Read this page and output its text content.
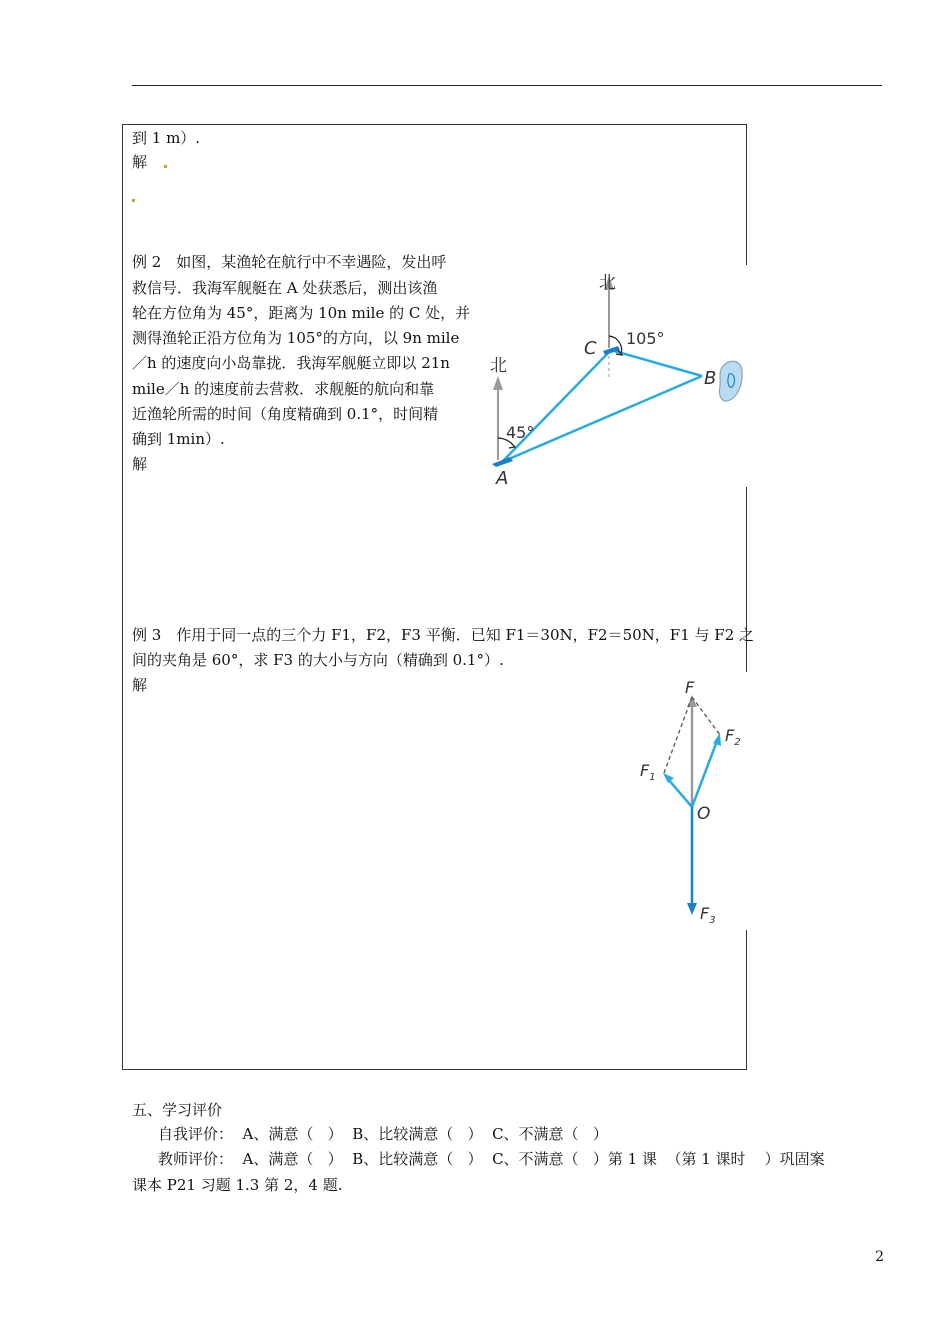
到 1 m）.
解
例 2　如图，某渔轮在航行中不幸遇险，发出呼
救信号．我海军舰艇在 A 处获悉后，测出该渔
轮在方位角为 45°，距离为 10n mile 的 C 处，并
测得渔轮正沿方位角为 105°的方向，以 9n mile
／h 的速度向小岛靠拢．我海军舰艇立即以 21n
mile／h 的速度前去营救．求舰艇的航向和靠
近渔轮所需的时间（角度精确到 0.1°，时间精
确到 1min）.
解
北
北
C
B
A
105°
45°
例 3　作用于同一点的三个力 F1，F2，F3 平衡．已知 F1＝30N，F2＝50N，F1 与 F2 之
间的夹角是 60°，求 F3 的大小与方向（精确到 0.1°）.
解	F
$F_1$
$F_2$
O
$F_3$
五、学习评价
自我评价：  A、满意（   ）  B、比较满意（   ）  C、不满意（   ）
教师评价：  A、满意（   ）  B、比较满意（   ）  C、不满意（   ）第 1 课  （第 1 课时    ）巩固案
课本 P21 习题 1.3 第 2，4 题.
2
